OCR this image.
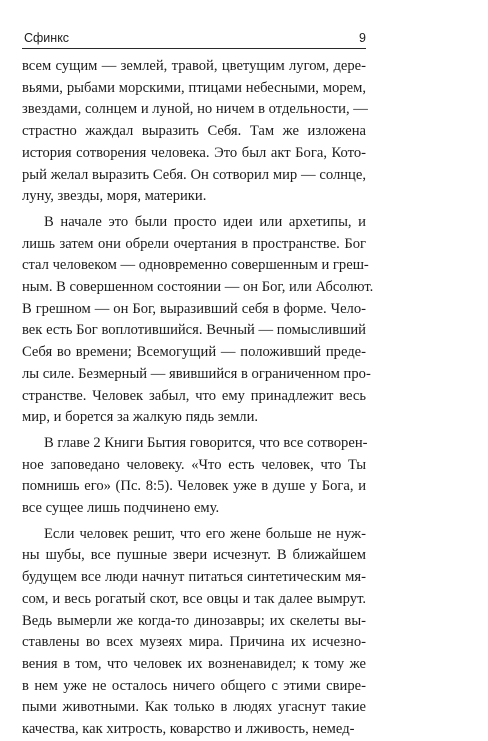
Сфинкс	9
всем сущим — землей, травой, цветущим лугом, дере-
вьями, рыбами морскими, птицами небесными, морем,
звездами, солнцем и луной, но ничем в отдельности, —
страстно жаждал выразить Себя. Там же изложена
история сотворения человека. Это был акт Бога, Кото-
рый желал выразить Себя. Он сотворил мир — солнце,
луну, звезды, моря, материки.
В начале это были просто идеи или архетипы, и
лишь затем они обрели очертания в пространстве. Бог
стал человеком — одновременно совершенным и греш-
ным. В совершенном состоянии — он Бог, или Абсолют.
В грешном — он Бог, выразивший себя в форме. Чело-
век есть Бог воплотившийся. Вечный — помысливший
Себя во времени; Всемогущий — положивший преде-
лы силе. Безмерный — явившийся в ограниченном про-
странстве. Человек забыл, что ему принадлежит весь
мир, и борется за жалкую пядь земли.
В главе 2 Книги Бытия говорится, что все сотворен-
ное заповедано человеку. «Что есть человек, что Ты
помнишь его» (Пс. 8:5). Человек уже в душе у Бога, и
все сущее лишь подчинено ему.
Если человек решит, что его жене больше не нуж-
ны шубы, все пушные звери исчезнут. В ближайшем
будущем все люди начнут питаться синтетическим мя-
сом, и весь рогатый скот, все овцы и так далее вымрут.
Ведь вымерли же когда-то динозавры; их скелеты вы-
ставлены во всех музеях мира. Причина их исчезно-
вения в том, что человек их возненавидел; к тому же
в нем уже не осталось ничего общего с этими свире-
пыми животными. Как только в людях угаснут такие
качества, как хитрость, коварство и лживость, немед-
